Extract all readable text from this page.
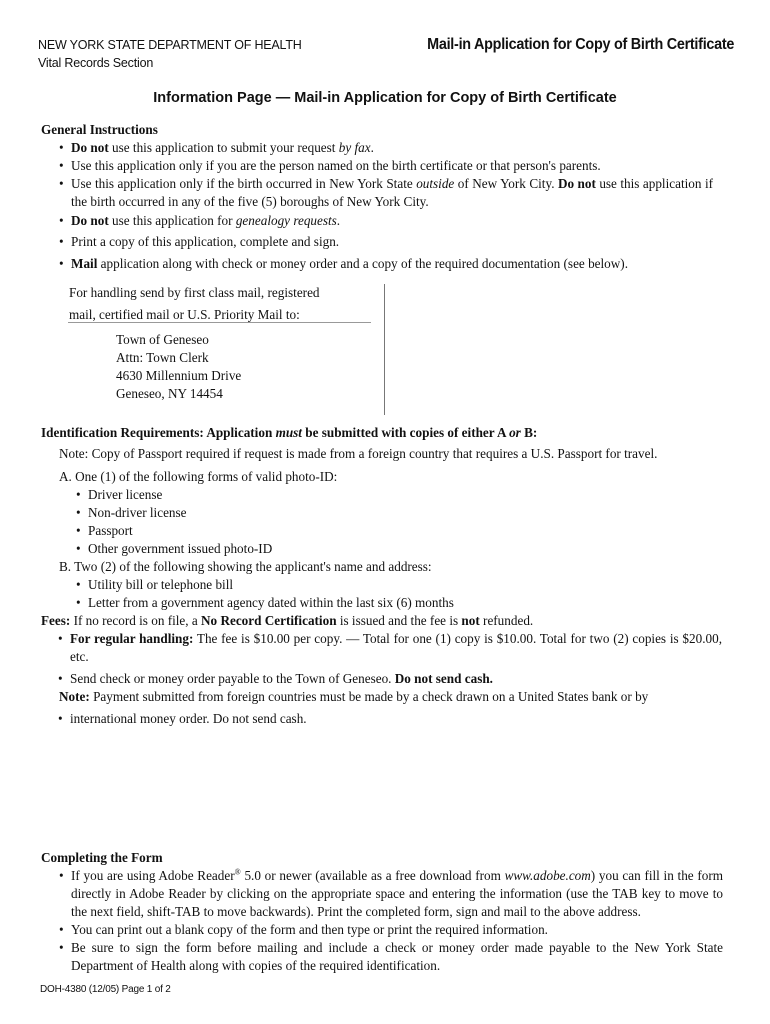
NEW YORK STATE DEPARTMENT OF HEALTH
Vital Records Section
Mail-in Application for Copy of Birth Certificate
Information Page — Mail-in Application for Copy of Birth Certificate
General Instructions
• Do not use this application to submit your request by fax.
• Use this application only if you are the person named on the birth certificate or that person's parents.
• Use this application only if the birth occurred in New York State outside of New York City. Do not use this application if the birth occurred in any of the five (5) boroughs of New York City.
• Do not use this application for genealogy requests.
• Print a copy of this application, complete and sign.
• Mail application along with check or money order and a copy of the required documentation (see below).
For handling send by first class mail, registered
mail, certified mail or U.S. Priority Mail to:
Town of Geneseo
Attn: Town Clerk
4630 Millennium Drive
Geneseo, NY 14454
Identification Requirements: Application must be submitted with copies of either A or B:
Note: Copy of Passport required if request is made from a foreign country that requires a U.S. Passport for travel.
A. One (1) of the following forms of valid photo-ID:
• Driver license
• Non-driver license
• Passport
• Other government issued photo-ID
B. Two (2) of the following showing the applicant's name and address:
• Utility bill or telephone bill
• Letter from a government agency dated within the last six (6) months
Fees: If no record is on file, a No Record Certification is issued and the fee is not refunded.
• For regular handling: The fee is $10.00 per copy. — Total for one (1) copy is $10.00. Total for two (2) copies is $20.00, etc.
• Send check or money order payable to the Town of Geneseo. Do not send cash.
Note: Payment submitted from foreign countries must be made by a check drawn on a United States bank or by
• international money order. Do not send cash.
Completing the Form
• If you are using Adobe Reader® 5.0 or newer (available as a free download from www.adobe.com) you can fill in the form directly in Adobe Reader by clicking on the appropriate space and entering the information (use the TAB key to move to the next field, shift-TAB to move backwards). Print the completed form, sign and mail to the above address.
• You can print out a blank copy of the form and then type or print the required information.
• Be sure to sign the form before mailing and include a check or money order made payable to the New York State Department of Health along with copies of the required identification.
DOH-4380 (12/05) Page 1 of 2
